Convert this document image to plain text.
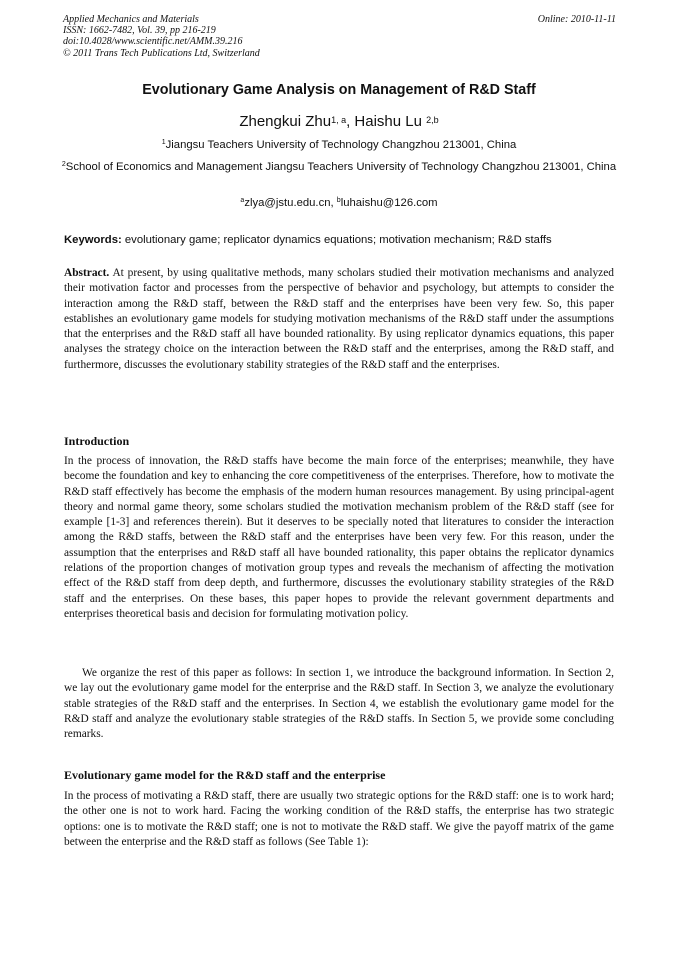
Applied Mechanics and Materials
ISSN: 1662-7482, Vol. 39, pp 216-219
doi:10.4028/www.scientific.net/AMM.39.216
© 2011 Trans Tech Publications Ltd, Switzerland
Online: 2010-11-11
Evolutionary Game Analysis on Management of R&D Staff
Zhengkui Zhu$^{1, a}$, Haishu Lu $^{2,b}$
$^1$Jiangsu Teachers University of Technology Changzhou 213001, China
$^2$School of Economics and Management Jiangsu Teachers University of Technology Changzhou 213001, China
$^a$zlya@jstu.edu.cn, $^b$luhaishu@126.com
Keywords: evolutionary game; replicator dynamics equations; motivation mechanism; R&D staffs
Abstract. At present, by using qualitative methods, many scholars studied their motivation mechanisms and analyzed their motivation factor and processes from the perspective of behavior and psychology, but attempts to consider the interaction among the R&D staff, between the R&D staff and the enterprises have been very few. So, this paper establishes an evolutionary game models for studying motivation mechanisms of the R&D staff under the assumptions that the enterprises and the R&D staff all have bounded rationality. By using replicator dynamics equations, this paper analyses the strategy choice on the interaction between the R&D staff and the enterprises, among the R&D staff, and furthermore, discusses the evolutionary stability strategies of the R&D staff and the enterprises.
Introduction
In the process of innovation, the R&D staffs have become the main force of the enterprises; meanwhile, they have become the foundation and key to enhancing the core competitiveness of the enterprises. Therefore, how to motivate the R&D staff effectively has become the emphasis of the modern human resources management. By using principal-agent theory and normal game theory, some scholars studied the motivation mechanism problem of the R&D staff (see for example [1-3] and references therein). But it deserves to be specially noted that literatures to consider the interaction among the R&D staffs, between the R&D staff and the enterprises have been very few. For this reason, under the assumption that the enterprises and R&D staff all have bounded rationality, this paper obtains the replicator dynamics relations of the proportion changes of motivation group types and reveals the mechanism of affecting the motivation effect of the R&D staff from deep depth, and furthermore, discusses the evolutionary stability strategies of the R&D staff and the enterprises. On these bases, this paper hopes to provide the relevant government departments and enterprises theoretical basis and decision for formulating motivation policy.
We organize the rest of this paper as follows: In section 1, we introduce the background information. In Section 2, we lay out the evolutionary game model for the enterprise and the R&D staff. In Section 3, we analyze the evolutionary stable strategies of the R&D staff and the enterprises. In Section 4, we establish the evolutionary game model for the R&D staff and analyze the evolutionary stable strategies of the R&D staffs. In Section 5, we provide some concluding remarks.
Evolutionary game model for the R&D staff and the enterprise
In the process of motivating a R&D staff, there are usually two strategic options for the R&D staff: one is to work hard; the other one is not to work hard. Facing the working condition of the R&D staffs, the enterprise has two strategic options: one is to motivate the R&D staff; one is not to motivate the R&D staff. We give the payoff matrix of the game between the enterprise and the R&D staff as follows (See Table 1):
